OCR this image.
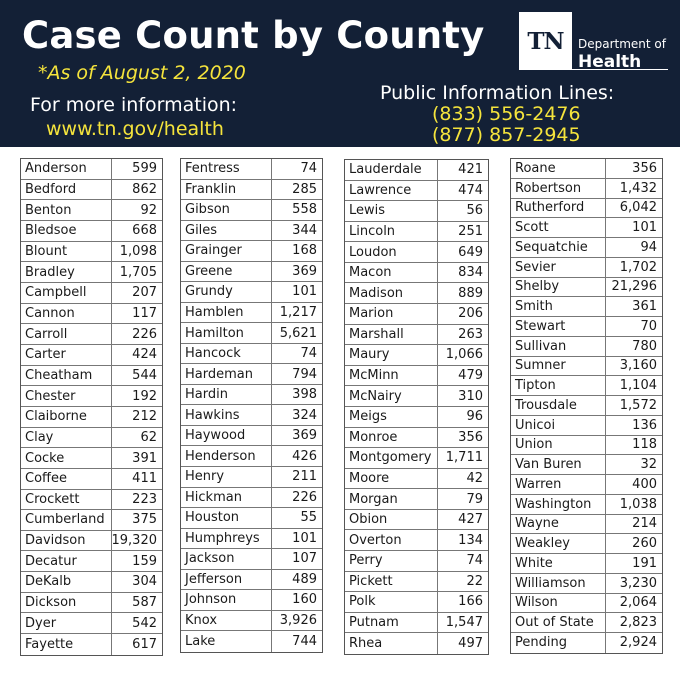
Case Count by County
*As of August 2, 2020
For more information:
www.tn.gov/health
Public Information Lines:
(833) 556-2476
(877) 857-2945
TN Department of
Health
Anderson	599
Bedford	862
Benton	92
Bledsoe	668
Blount	1,098
Bradley	1,705
Campbell	207
Cannon	117
Carroll	226
Carter	424
Cheatham	544
Chester	192
Claiborne	212
Clay	62
Cocke	391
Coffee	411
Crockett	223
Cumberland	375
Davidson	19,320
Decatur	159
DeKalb	304
Dickson	587
Dyer	542
Fayette	617
Fentress	74
Franklin	285
Gibson	558
Giles	344
Grainger	168
Greene	369
Grundy	101
Hamblen	1,217
Hamilton	5,621
Hancock	74
Hardeman	794
Hardin	398
Hawkins	324
Haywood	369
Henderson	426
Henry	211
Hickman	226
Houston	55
Humphreys	101
Jackson	107
Jefferson	489
Johnson	160
Knox	3,926
Lake	744
Lauderdale	421
Lawrence	474
Lewis	56
Lincoln	251
Loudon	649
Macon	834
Madison	889
Marion	206
Marshall	263
Maury	1,066
McMinn	479
McNairy	310
Meigs	96
Monroe	356
Montgomery	1,711
Moore	42
Morgan	79
Obion	427
Overton	134
Perry	74
Pickett	22
Polk	166
Putnam	1,547
Rhea	497
Roane	356
Robertson	1,432
Rutherford	6,042
Scott	101
Sequatchie	94
Sevier	1,702
Shelby	21,296
Smith	361
Stewart	70
Sullivan	780
Sumner	3,160
Tipton	1,104
Trousdale	1,572
Unicoi	136
Union	118
Van Buren	32
Warren	400
Washington	1,038
Wayne	214
Weakley	260
White	191
Williamson	3,230
Wilson	2,064
Out of State	2,823
Pending	2,924
